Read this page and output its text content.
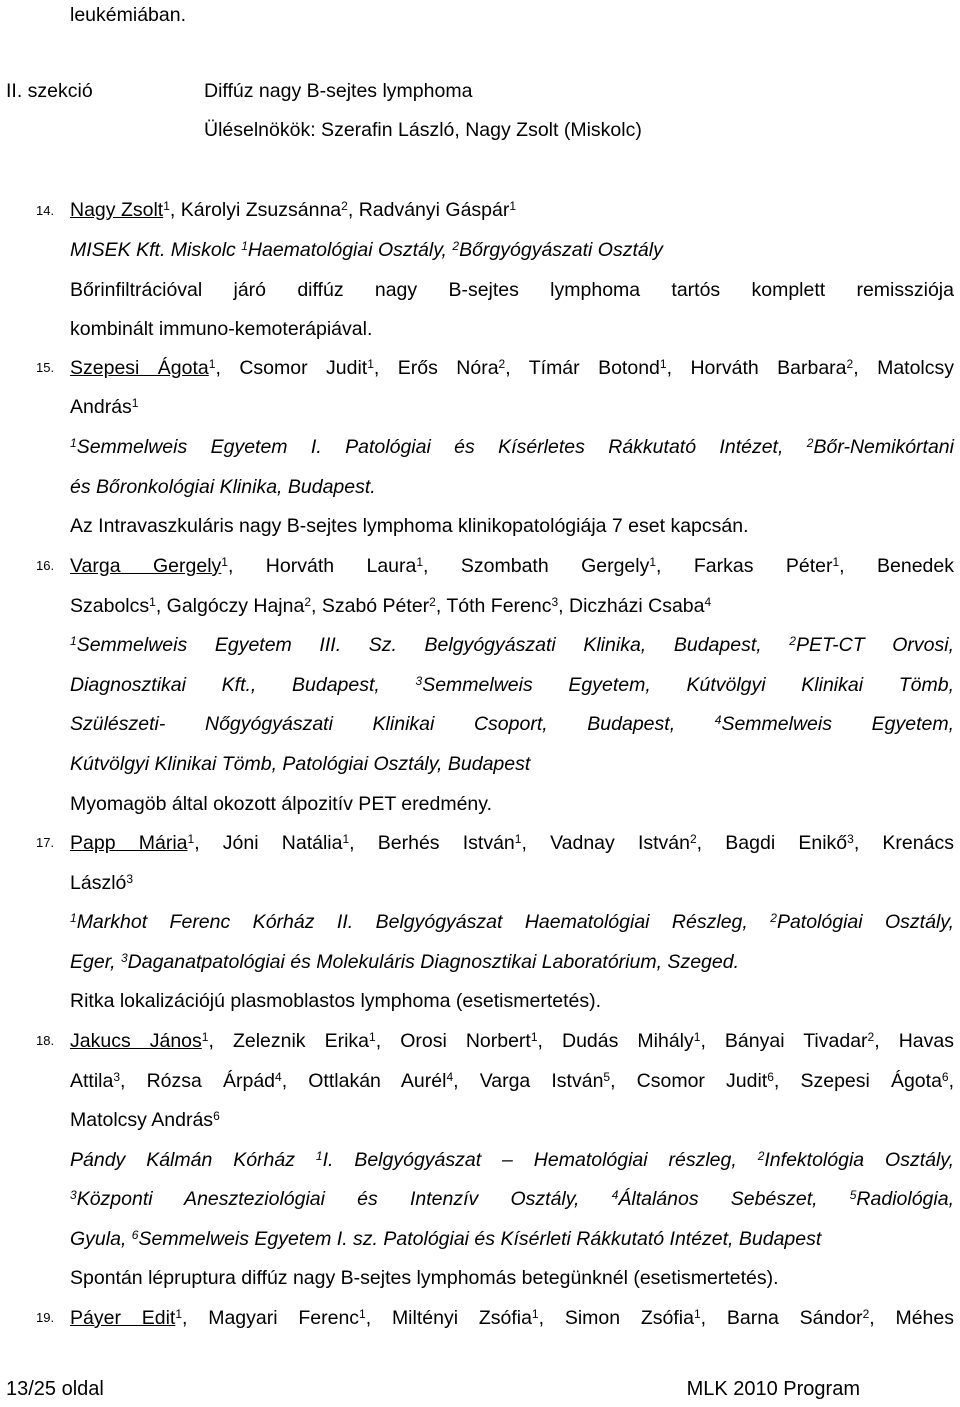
leukémiában.
II. szekció	Diffúz nagy B-sejtes lymphoma
Üléselnökök: Szerafin László, Nagy Zsolt (Miskolc)
14. Nagy Zsolt$^1$, Károlyi Zsuzsánna$^2$, Radványi Gáspár$^1$
MISEK Kft. Miskolc $^1$Haematológiai Osztály, $^2$Bőrgyógyászati Osztály
Bőrinfiltrációval járó diffúz nagy B-sejtes lymphoma tartós komplett remissziója
kombinált immuno-kemoterápiával.
15. Szepesi Ágota$^1$, Csomor Judit$^1$, Erős Nóra$^2$, Tímár Botond$^1$, Horváth Barbara$^2$, Matolcsy
András$^1$
$^1$Semmelweis Egyetem I. Patológiai és Kísérletes Rákkutató Intézet, $^2$Bőr-Nemikórtani
és Bőronkológiai Klinika, Budapest.
Az Intravaszkuláris nagy B-sejtes lymphoma klinikopatológiája 7 eset kapcsán.
16. Varga Gergely$^1$, Horváth Laura$^1$, Szombath Gergely$^1$, Farkas Péter$^1$, Benedek
Szabolcs$^1$, Galgóczy Hajna$^2$, Szabó Péter$^2$, Tóth Ferenc$^3$, Diczházi Csaba$^4$
$^1$Semmelweis Egyetem III. Sz. Belgyógyászati Klinika, Budapest, $^2$PET-CT Orvosi,
Diagnosztikai Kft., Budapest, $^3$Semmelweis Egyetem, Kútvölgyi Klinikai Tömb,
Szülészeti- Nőgyógyászati Klinikai Csoport, Budapest, $^4$Semmelweis Egyetem,
Kútvölgyi Klinikai Tömb, Patológiai Osztály, Budapest
Myomagöb által okozott álpozitív PET eredmény.
17. Papp Mária$^1$, Jóni Natália$^1$, Berhés István$^1$, Vadnay István$^2$, Bagdi Enikő$^3$, Krenács
László$^3$
$^1$Markhot Ferenc Kórház II. Belgyógyászat Haematológiai Részleg, $^2$Patológiai Osztály,
Eger, $^3$Daganatpatológiai és Molekuláris Diagnosztikai Laboratórium, Szeged.
Ritka lokalizációjú plasmoblastos lymphoma (esetismertetés).
18. Jakucs János$^1$, Zeleznik Erika$^1$, Orosi Norbert$^1$, Dudás Mihály$^1$, Bányai Tivadar$^2$, Havas
Attila$^3$, Rózsa Árpád$^4$, Ottlakán Aurél$^4$, Varga István$^5$, Csomor Judit$^6$, Szepesi Ágota$^6$,
Matolcsy András$^6$
Pándy Kálmán Kórház $^1$I. Belgyógyászat – Hematológiai részleg, $^2$Infektológia Osztály,
$^3$Központi Aneszteziológiai és Intenzív Osztály, $^4$Általános Sebészet, $^5$Radiológia,
Gyula, $^6$Semmelweis Egyetem I. sz. Patológiai és Kísérleti Rákkutató Intézet, Budapest
Spontán lépruptura diffúz nagy B-sejtes lymphomás betegünknél (esetismertetés).
19. Páyer Edit$^1$, Magyari Ferenc$^1$, Miltényi Zsófia$^1$, Simon Zsófia$^1$, Barna Sándor$^2$, Méhes
13/25 oldal	MLK 2010 Program
